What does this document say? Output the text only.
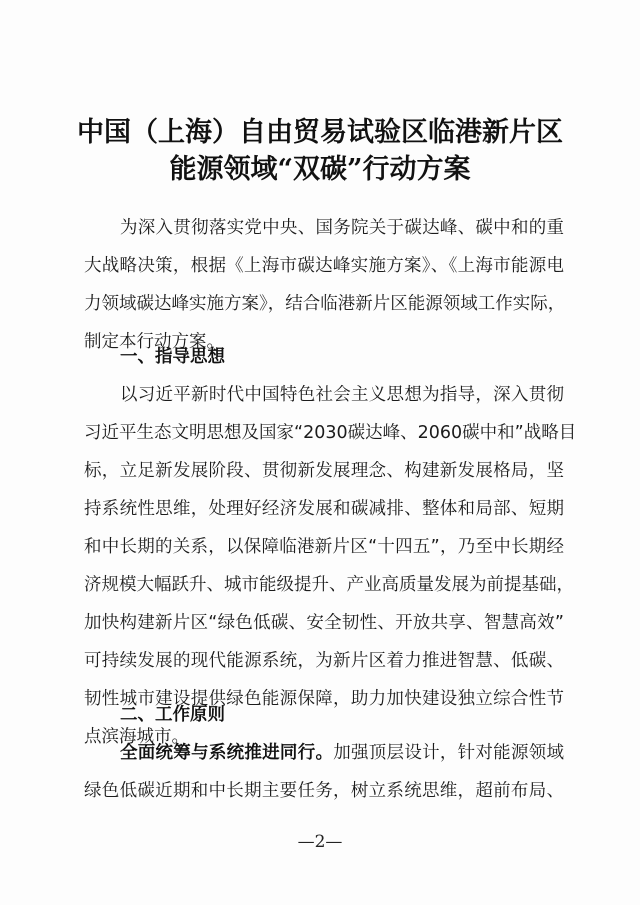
中国（上海）自由贸易试验区临港新片区
能源领域“双碳”行动方案
为深入贯彻落实党中央、国务院关于碳达峰、碳中和的重
大战略决策，根据《上海市碳达峰实施方案》、《上海市能源电
力领域碳达峰实施方案》，结合临港新片区能源领域工作实际，
制定本行动方案。
一、指导思想
以习近平新时代中国特色社会主义思想为指导，深入贯彻
习近平生态文明思想及国家“2030碳达峰、2060碳中和”战略目
标，立足新发展阶段、贯彻新发展理念、构建新发展格局，坚
持系统性思维，处理好经济发展和碳减排、整体和局部、短期
和中长期的关系，以保障临港新片区“十四五”，乃至中长期经
济规模大幅跃升、城市能级提升、产业高质量发展为前提基础，
加快构建新片区“绿色低碳、安全韧性、开放共享、智慧高效”
可持续发展的现代能源系统，为新片区着力推进智慧、低碳、
韧性城市建设提供绿色能源保障，助力加快建设独立综合性节
点滨海城市。
二、工作原则
全面统筹与系统推进同行。加强顶层设计，针对能源领域
绿色低碳近期和中长期主要任务，树立系统思维，超前布局、
—2—
